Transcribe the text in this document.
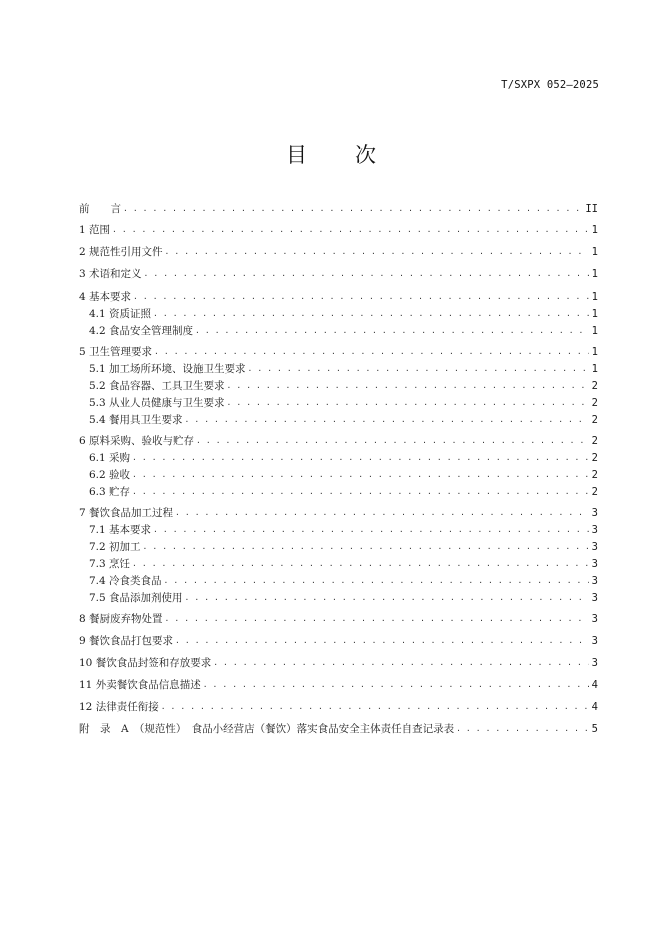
T/SXPX 052—2025
目 次
前　　言 . . .	II
1 范围 . . .	1
2 规范性引用文件 . . .	1
3 术语和定义 . . .	1
4 基本要求 . . .	1
4.1 资质证照 . . .	1
4.2 食品安全管理制度 . . .	1
5 卫生管理要求 . . .	1
5.1 加工场所环境、设施卫生要求 . . .	1
5.2 食品容器、工具卫生要求 . . .	2
5.3 从业人员健康与卫生要求 . . .	2
5.4 餐用具卫生要求 . . .	2
6 原料采购、验收与贮存 . . .	2
6.1 采购 . . .	2
6.2 验收 . . .	2
6.3 贮存 . . .	2
7 餐饮食品加工过程 . . .	3
7.1 基本要求 . . .	3
7.2 初加工 . . .	3
7.3 烹饪 . . .	3
7.4 冷食类食品 . . .	3
7.5 食品添加剂使用 . . .	3
8 餐厨废弃物处置 . . .	3
9 餐饮食品打包要求 . . .	3
10 餐饮食品封签和存放要求 . . .	3
11 外卖餐饮食品信息描述 . . .	4
12 法律责任衔接 . . .	4
附　录　A　（规范性）　食品小经营店（餐饮）落实食品安全主体责任自查记录表 . . .	5
